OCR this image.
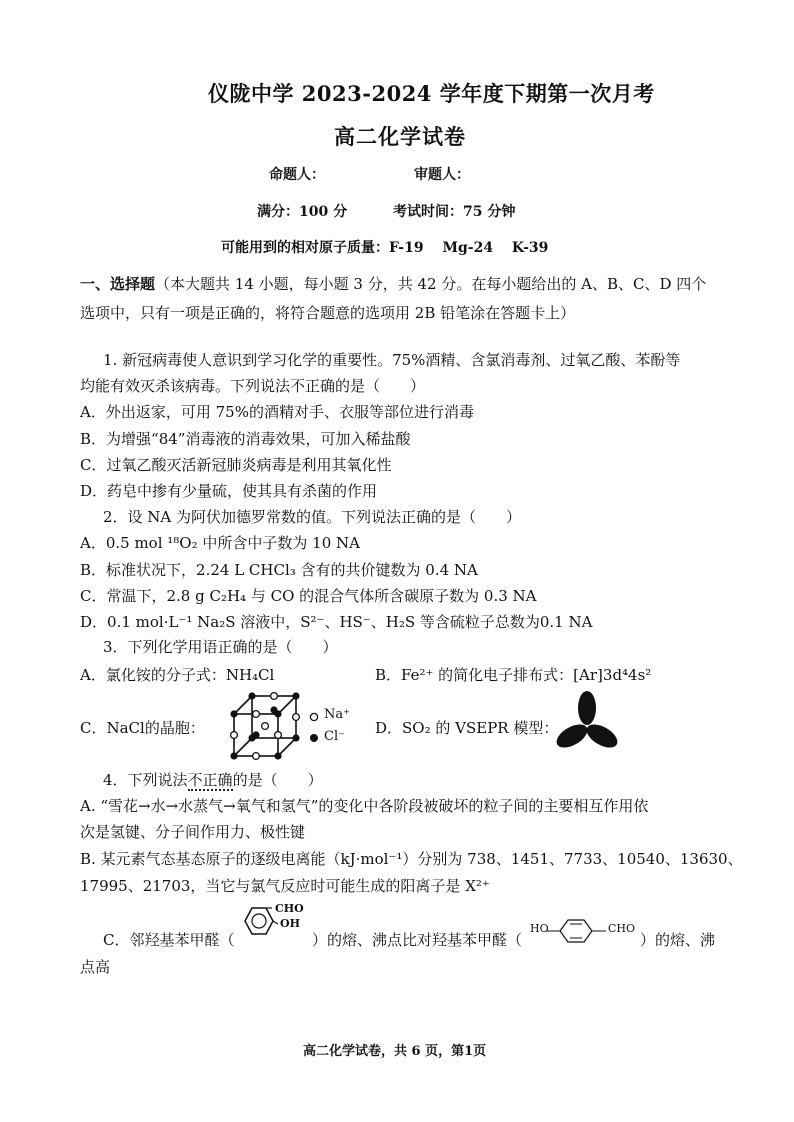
仪陇中学 2023-2024 学年度下期第一次月考
高二化学试卷
命题人：	审题人：
满分：100 分	考试时间：75 分钟
可能用到的相对原子质量：F-19　 Mg-24　 K-39
一、选择题（本大题共 14 小题，每小题 3 分，共 42 分。在每小题给出的 A、B、C、D 四个
选项中，只有一项是正确的，将符合题意的选项用 2B 铅笔涂在答题卡上）
1. 新冠病毒使人意识到学习化学的重要性。75%酒精、含氯消毒剂、过氧乙酸、苯酚等
均能有效灭杀该病毒。下列说法不正确的是（　　）
A．外出返家，可用 75%的酒精对手、衣服等部位进行消毒
B．为增强“84”消毒液的消毒效果，可加入稀盐酸
C．过氧乙酸灭活新冠肺炎病毒是利用其氧化性
D．药皂中掺有少量硫，使其具有杀菌的作用
2．设 NA 为阿伏加德罗常数的值。下列说法正确的是（　　）
A．0.5 mol ¹⁸O₂ 中所含中子数为 10 NA
B．标准状况下，2.24 L CHCl₃ 含有的共价键数为 0.4 NA
C．常温下，2.8 g C₂H₄ 与 CO 的混合气体所含碳原子数为 0.3 NA
D．0.1 mol·L⁻¹ Na₂S 溶液中，S²⁻、HS⁻、H₂S 等含硫粒子总数为0.1 NA
3．下列化学用语正确的是（　　）
A．氯化铵的分子式：NH₄Cl	B．Fe²⁺ 的简化电子排布式：[Ar]3d⁴4s²
C．NaCl的晶胞：
Na⁺
Cl⁻ D．SO₂ 的 VSEPR 模型：
4．下列说法不正确的是（　　）
A. “雪花→水→水蒸气→氧气和氢气”的变化中各阶段被破坏的粒子间的主要相互作用依
次是氢键、分子间作用力、极性键
B. 某元素气态基态原子的逐级电离能（kJ·mol⁻¹）分别为 738、1451、7733、10540、13630、
17995、21703，当它与氯气反应时可能生成的阳离子是 X²⁺
C．邻羟基苯甲醛（
CHO
OH
）的熔、沸点比对羟基苯甲醛（
HO	CHO
）的熔、沸
点高
高二化学试卷，共 6 页，第1页
